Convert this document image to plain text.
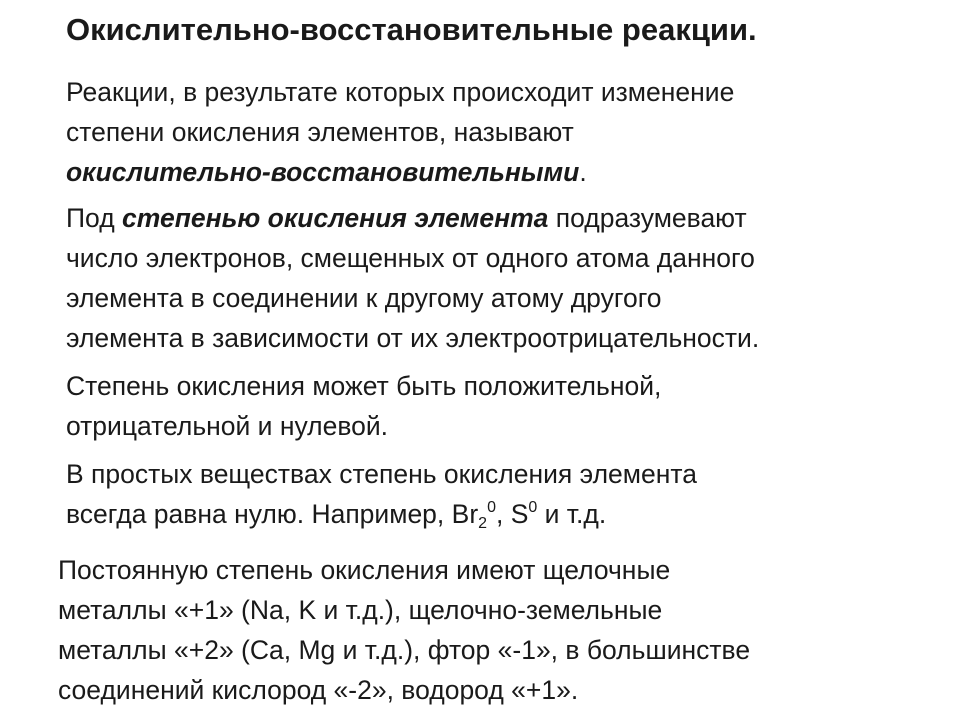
Окислительно-восстановительные реакции.
Реакции, в результате которых происходит изменение
степени окисления элементов, называют
окислительно-восстановительными.
Под степенью окисления элемента подразумевают
число электронов, смещенных от одного атома данного
элемента в соединении к другому атому другого
элемента в зависимости от их электроотрицательности.
Степень окисления может быть положительной,
отрицательной и нулевой.
В простых веществах степень окисления элемента
всегда равна нулю. Например, $Br_2^0$, $S^0$ и т.д.
Постоянную степень окисления имеют щелочные
металлы «+1» (Na, K и т.д.), щелочно-земельные
металлы «+2» (Ca, Mg и т.д.), фтор «-1», в большинстве
соединений кислород «-2», водород «+1».
